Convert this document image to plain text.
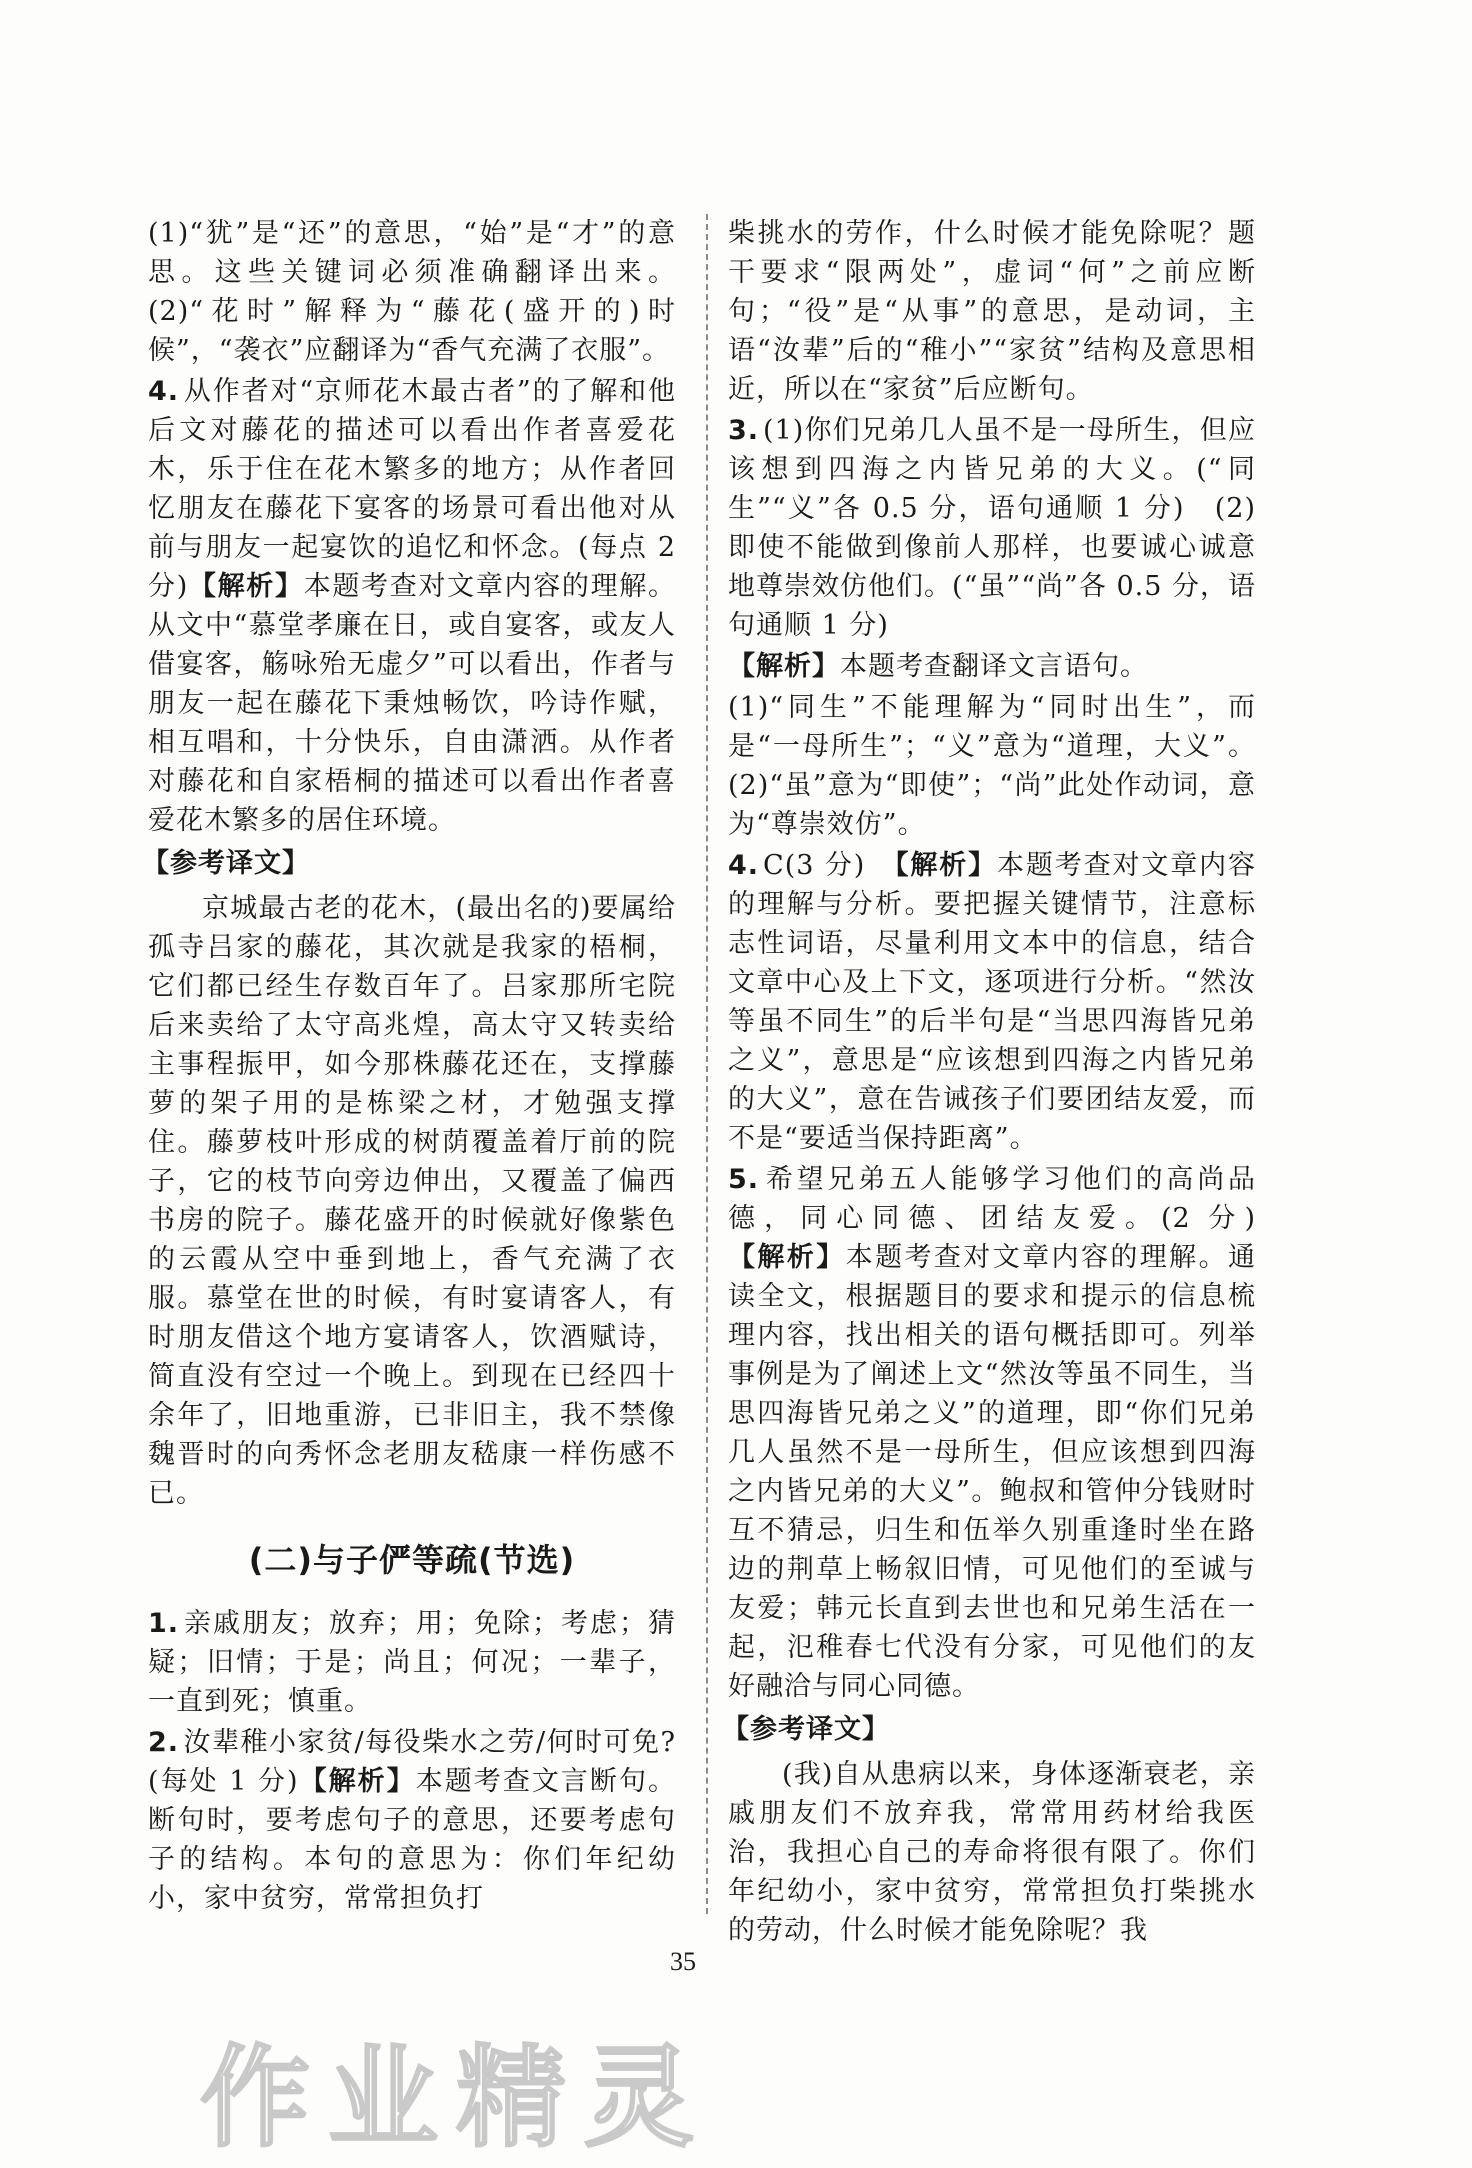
(1)“犹”是“还”的意思，“始”是“才”的意思。这些关键词必须准确翻译出来。(2)“花时”解释为“藤花(盛开的)时候”，“袭衣”应翻译为“香气充满了衣服”。

4. 从作者对“京师花木最古者”的了解和他后文对藤花的描述可以看出作者喜爱花木，乐于住在花木繁多的地方；从作者回忆朋友在藤花下宴客的场景可看出他对从前与朋友一起宴饮的追忆和怀念。(每点 2 分)【解析】本题考查对文章内容的理解。从文中“慕堂孝廉在日，或自宴客，或友人借宴客，觞咏殆无虚夕”可以看出，作者与朋友一起在藤花下秉烛畅饮，吟诗作赋，相互唱和，十分快乐，自由潇洒。从作者对藤花和自家梧桐的描述可以看出作者喜爱花木繁多的居住环境。

【参考译文】

京城最古老的花木，(最出名的)要属给孤寺吕家的藤花，其次就是我家的梧桐，它们都已经生存数百年了。吕家那所宅院后来卖给了太守高兆煌，高太守又转卖给主事程振甲，如今那株藤花还在，支撑藤萝的架子用的是栋梁之材，才勉强支撑住。藤萝枝叶形成的树荫覆盖着厅前的院子，它的枝节向旁边伸出，又覆盖了偏西书房的院子。藤花盛开的时候就好像紫色的云霞从空中垂到地上，香气充满了衣服。慕堂在世的时候，有时宴请客人，有时朋友借这个地方宴请客人，饮酒赋诗，简直没有空过一个晚上。到现在已经四十余年了，旧地重游，已非旧主，我不禁像魏晋时的向秀怀念老朋友嵇康一样伤感不已。

(二)与子俨等疏(节选)

1. 亲戚朋友；放弃；用；免除；考虑；猜疑；旧情；于是；尚且；何况；一辈子，一直到死；慎重。

2. 汝辈稚小家贫/每役柴水之劳/何时可免?(每处 1 分)【解析】本题考查文言断句。断句时，要考虑句子的意思，还要考虑句子的结构。本句的意思为：你们年纪幼小，家中贫穷，常常担负打

柴挑水的劳作，什么时候才能免除呢？题干要求“限两处”，虚词“何”之前应断句；“役”是“从事”的意思，是动词，主语“汝辈”后的“稚小”“家贫”结构及意思相近，所以在“家贫”后应断句。

3. (1)你们兄弟几人虽不是一母所生，但应该想到四海之内皆兄弟的大义。(“同生”“义”各 0.5 分，语句通顺 1 分)　(2)即使不能做到像前人那样，也要诚心诚意地尊崇效仿他们。(“虽”“尚”各 0.5 分，语句通顺 1 分)

【解析】本题考查翻译文言语句。

(1)“同生”不能理解为“同时出生”，而是“一母所生”；“义”意为“道理，大义”。(2)“虽”意为“即使”；“尚”此处作动词，意为“尊崇效仿”。

4. C(3 分)　 【解析】本题考查对文章内容的理解与分析。要把握关键情节，注意标志性词语，尽量利用文本中的信息，结合文章中心及上下文，逐项进行分析。“然汝等虽不同生”的后半句是“当思四海皆兄弟之义”，意思是“应该想到四海之内皆兄弟的大义”，意在告诫孩子们要团结友爱，而不是“要适当保持距离”。

5. 希望兄弟五人能够学习他们的高尚品德，同心同德、团结友爱。(2 分)　【解析】本题考查对文章内容的理解。通读全文，根据题目的要求和提示的信息梳理内容，找出相关的语句概括即可。列举事例是为了阐述上文“然汝等虽不同生，当思四海皆兄弟之义”的道理，即“你们兄弟几人虽然不是一母所生，但应该想到四海之内皆兄弟的大义”。鲍叔和管仲分钱财时互不猜忌，归生和伍举久别重逢时坐在路边的荆草上畅叙旧情，可见他们的至诚与友爱；韩元长直到去世也和兄弟生活在一起，氾稚春七代没有分家，可见他们的友好融洽与同心同德。

【参考译文】

(我)自从患病以来，身体逐渐衰老，亲戚朋友们不放弃我，常常用药材给我医治，我担心自己的寿命将很有限了。你们年纪幼小，家中贫穷，常常担负打柴挑水的劳动，什么时候才能免除呢？我

35
作业精灵
